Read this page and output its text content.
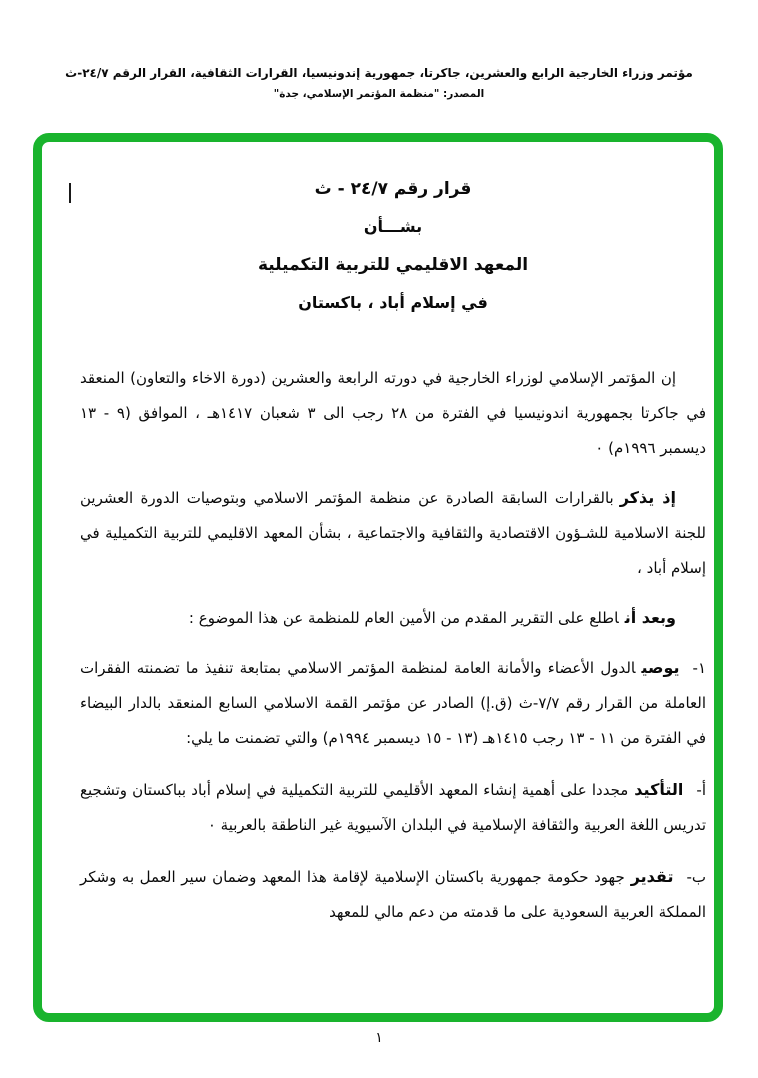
مؤتمر وزراء الخارجية الرابع والعشرين، جاكرتا، جمهورية إندونيسيا، القرارات الثقافية، القرار الرقم ٢٤/٧-ث
المصدر: "منظمة المؤتمر الإسلامي، جدة"
قرار رقم ٢٤/٧ - ث
بشـــأن
المعهد الاقليمي للتربية التكميلية
في إسلام أباد ، باكستان

إن المؤتمر الإسلامي لوزراء الخارجية في دورته الرابعة والعشرين (دورة الاخاء والتعاون) المنعقد في جاكرتا بجمهورية اندونيسيا في الفترة من ٢٨ رجب الى ٣ شعبان ١٤١٧هـ ، الموافق (٩ - ١٣ ديسمبر ١٩٩٦م) ٠

إذ يذكربالقرارات السابقة الصادرة عن منظمة المؤتمر الاسلامي وبتوصيات الدورة العشرين للجنة الاسلامية للشـؤون الاقتصادية والثقافية والاجتماعية ، بشأن المعهد الاقليمي للتربية التكميلية في إسلام أباد ،

وبعد أناطلع على التقرير المقدم من الأمين العام للمنظمة عن هذا الموضوع :

١-يوصيالدول الأعضاء والأمانة العامة لمنظمة المؤتمر الاسلامي بمتابعة تنفيذ ما تضمنته الفقرات العاملة من القرار رقم ٧/٧-ث (ق.إ) الصادر عن مؤتمر القمة الاسلامي السابع المنعقد بالدار البيضاء في الفترة من ١١ - ١٣ رجب ١٤١٥هـ (١٣ - ١٥ ديسمبر ١٩٩٤م) والتي تضمنت ما يلي:

أ-التأكيدمجددا على أهمية إنشاء المعهد الأقليمي للتربية التكميلية في إسلام أباد بباكستان وتشجيع تدريس اللغة العربية والثقافة الإسلامية في البلدان الآسيوية غير الناطقة بالعربية ٠

ب-تقديرجهود حكومة جمهورية باكستان الإسلامية لإقامة هذا المعهد وضمان سير العمل به وشكر المملكة العربية السعودية على ما قدمته من دعم مالي للمعهد

١
